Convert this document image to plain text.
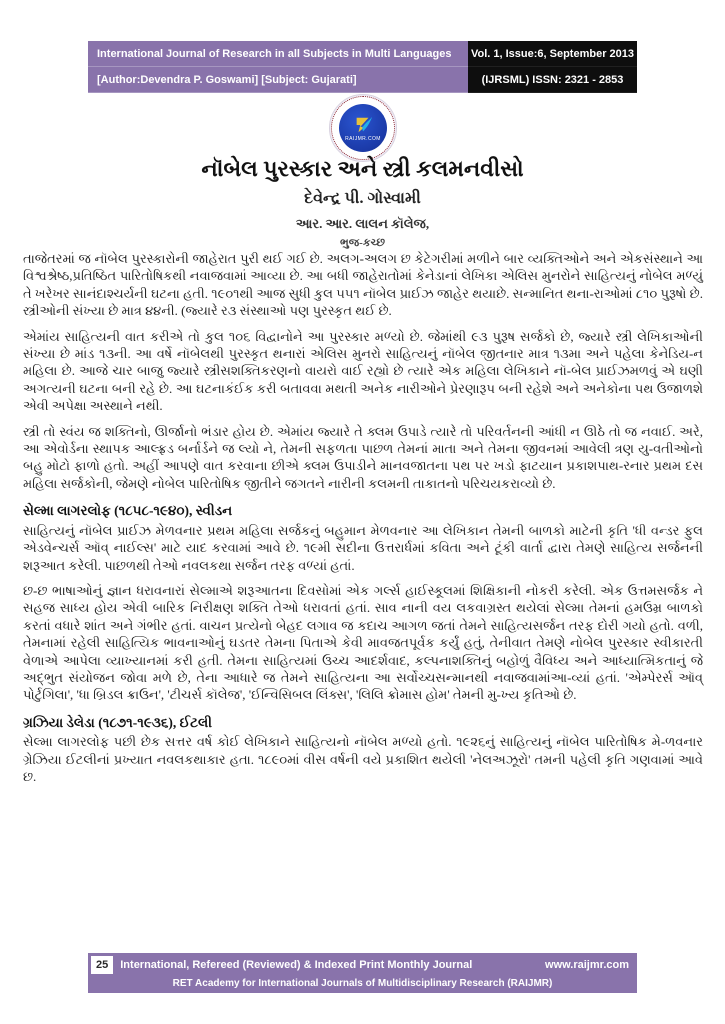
International Journal of Research in all Subjects in Multi Languages	Vol. 1, Issue:6, September 2013
[Author:Devendra P. Goswami] [Subject: Gujarati]	(IJRSML) ISSN: 2321 - 2853
RAIJMR.COM
નૉબેલ પુરસ્કાર અને સ્ત્રી કલમનવીસો
દેવેન્દ્ર પી. ગોસ્વામી
આર. આર. લાલન કૉલેજ,
ભુજ-કચ્છ

તાજેતરમાં જ નૉબેલ પુરસ્કારોની જાહેરાત પુરી થઈ ગઈ છે. અલગ-અલગ છ કેટેગરીમાં મળીને બાર વ્યક્તિઓને અને એકસંસ્થાને આ વિશ્વશ્રેષ્ઠ,પ્રતિષ્ઠિત પારિતોષિકથી નવાજવામાં આવ્યા છે. આ બધી જાહેરાતોમાં કેનેડાનાં લેખિકા એલિસ મુનરોને સાહિત્યનું નોબેલ મળ્યું તે ખરેખર સાનંદાશ્ચર્યની ઘટના હતી. ૧૯૦૧થી આજ સુધી કુલ ૫૫૧ નૉબેલ પ્રાઈઝ જાહેર થયાછે. સન્માનિત થના-રાઓમાં ૮૧૦ પુરૂષો છે. સ્ત્રીઓની સંખ્યા છે માત્ર ૪૪ની. (જ્યારે ર૩ સંસ્થાઓ પણ પુરસ્કૃત થઈ છે.

એમાંય સાહિત્યની વાત કરીએ તો કુલ ૧૦૬ વિદ્વાનોને આ પુરસ્કાર મળ્યો છે. જેમાંથી ૯૩ પુરૂષ સર્જકો છે, જ્યારે સ્ત્રી લેખિકાઓની સંખ્યા છે માંડ ૧૩ની. આ વર્ષે નૉબેલથી પુરસ્કૃત થનારાં એલિસ મુનરો સાહિત્યનું નૉબેલ જીતનાર માત્ર ૧૩મા અને પહેલા કેનેડિય-ન મહિલા છે. આજે ચાર બાજુ જ્યારે સ્ત્રીસશક્તિકરણનો વાયરો વાઈ રહ્યો છે ત્યારે એક મહિલા લેખિકાને નૉ-બેલ પ્રાઈઝમળવું એ ઘણી અગત્યની ઘટના બની રહે છે. આ ઘટનાકંઈક કરી બતાવવા મથતી અનેક નારીઓને પ્રેરણારૂપ બની રહેશે અને અનેકોના પથ ઉજાળશે એવી અપેક્ષા અસ્થાને નથી.

સ્ત્રી તો સ્વંય જ શક્તિનો, ઊર્જાનો ભંડાર હોય છે. એમાંય જ્યારે તે ક્લમ ઉપાડે ત્યારે તો પરિવર્તનની આંધી ન ઊઠે તો જ નવાઈ. અરે, આ એવોર્ડના સ્થાપક આલ્ફ્રડ બર્નાર્ડને જ લ્યો ને, તેમની સફળતા પાછળ તેમનાં માતા અને તેમના જીવનમાં આવેલી ત્રણ યુ-વતીઓનો બહુ મોટો ફાળો હતો. અહીં આપણે વાત કરવાના છીએ ક્લમ ઉપાડીને માનવજાતના પથ પર ખડો ફાટયાન પ્રકાશપાથ-રનાર પ્રથમ દસ મહિલા સર્જકોની, જેમણે નોબેલ પારિતોષિક જીતીને જગતને નારીની કલમની તાકાતનો પરિચયકરાવ્યો છે.

સેલ્મા લાગરલોફ (૧૮૫૮-૧૯૪૦), સ્વીડન

સાહિત્યનું નૉબેલ પ્રાઈઝ મેળવનાર પ્રથમ મહિલા સર્જકનું બહુમાન મેળવનાર આ લેખિકાન તેમની બાળકો માટેની કૃતિ 'ધી વન્ડર ફુલ એડવેન્ચર્સ ઑવ્ નાઈલ્સ' માટે યાદ કરવામાં આવે છે. ૧૯મી સદીના ઉત્તરાર્ધમાં કવિતા અને ટૂંકી વાર્તા દ્વારા તેમણે સાહિત્ય સર્જનની શરૂઆત કરેલી. પાછળથી તેઓ નવલકથા સર્જન તરફ વળ્યાં હતાં.

છ-છ ભાષાઓનું જ્ઞાન ધરાવનારાં સેલ્માએ શરૂઆતના દિવસોમાં એક ગર્લ્સ હાઈસ્કૂલમાં શિક્ષિકાની નોકરી કરેલી. એક ઉત્તમસર્જક ને સહજ સાધ્ય હોય એવી બારિક નિરીક્ષણ શક્તિ તેઓ ધરાવતાં હતાં. સાવ નાની વય લકવાગ્રસ્ત થયેલાં સેલ્મા તેમનાં હમઉમ્ર બાળકો કરતાં વધારે શાંત અને ગંભીર હતાં. વાચન પ્રત્યેનો બેહદ લગાવ જ કદાચ આગળ જતાં તેમને સાહિત્યસર્જન તરફ દોરી ગયો હતો. વળી, તેમનામાં રહેલી સાહિત્યિક ભાવનાઓનું ઘડતર તેમના પિતાએ કેવી માવજતપૂર્વક કર્યું હતું, તેનીવાત તેમણે નોબેલ પુરસ્કાર સ્વીકારતી વેળાએ આપેલા વ્યાખ્યાનમાં કરી હતી. તેમના સાહિત્યમાં ઉચ્ચ આદર્શવાદ, કલ્પનાશક્તિનું બહોળું વૈવિધ્ય અને આધ્યાત્મિકતાનું જે અદ્ભુત સંયોજન જોવા મળે છે, તેના આધારે જ તેમને સાહિત્યના આ સર્વોચ્ચસન્માનથી નવાજવામાંઆ-વ્યાં હતાં. 'એમ્પેરર્સ ઑવ્ પોર્ટુગિલા', 'ધા બ્રિડલ ક્રાઉન', 'ટીચર્સ કૉલેજ', 'ઈન્વિસિબલ લિંક્સ', 'લિલિ ક્રોમાસ હોમ' તેમની મુ-ખ્ય કૃતિઓ છે.

ગ્રઝિયા ડેલેડા (૧૮૭૧-૧૯૩૬), ઈટલી

સેલ્મા લાગરલોફ પછી છેક સત્તર વર્ષ કોઈ લેખિકાને સાહિત્યનો નૉબેલ મળ્યો હતો. ૧૯૨૬નું સાહિત્યનું નૉબેલ પારિતોષિક મે-ળવનાર ગ્રેઝિયા ઈટલીનાં પ્રખ્યાત નવલકથાકાર હતા. ૧૮૯૦માં વીસ વર્ષની વયે પ્રકાશિત થયેલી 'નેલઅઝૂરો' તમની પહેલી કૃતિ ગણવામાં આવે છ.

25	International, Refereed (Reviewed) & Indexed Print Monthly Journal	www.raijmr.com
RET Academy for International Journals of Multidisciplinary Research (RAIJMR)
